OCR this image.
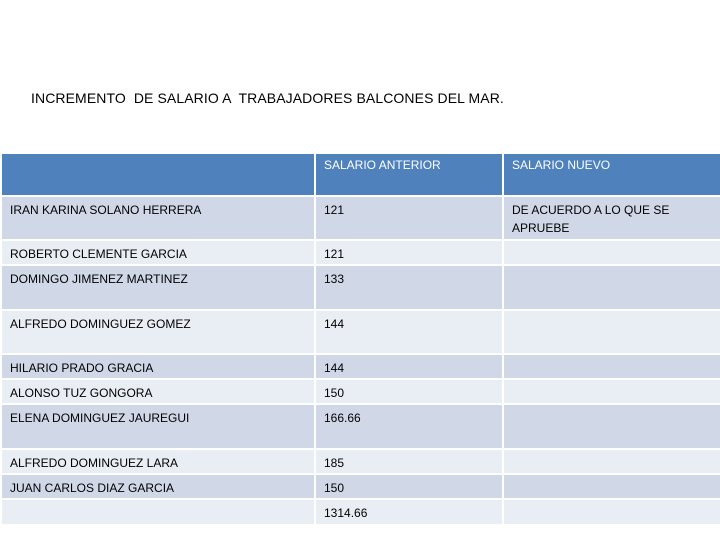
INCREMENTO  DE SALARIO A  TRABAJADORES BALCONES DEL MAR.
	SALARIO ANTERIOR	SALARIO NUEVO
IRAN KARINA SOLANO HERRERA	121	DE ACUERDO A LO QUE SE APRUEBE
ROBERTO CLEMENTE GARCIA	121	
DOMINGO JIMENEZ MARTINEZ	133	
ALFREDO DOMINGUEZ GOMEZ	144	
HILARIO PRADO GRACIA	144	
ALONSO TUZ GONGORA	150	
ELENA DOMINGUEZ JAUREGUI	166.66	
ALFREDO DOMINGUEZ LARA	185	
JUAN CARLOS DIAZ GARCIA	150	
	1314.66	
